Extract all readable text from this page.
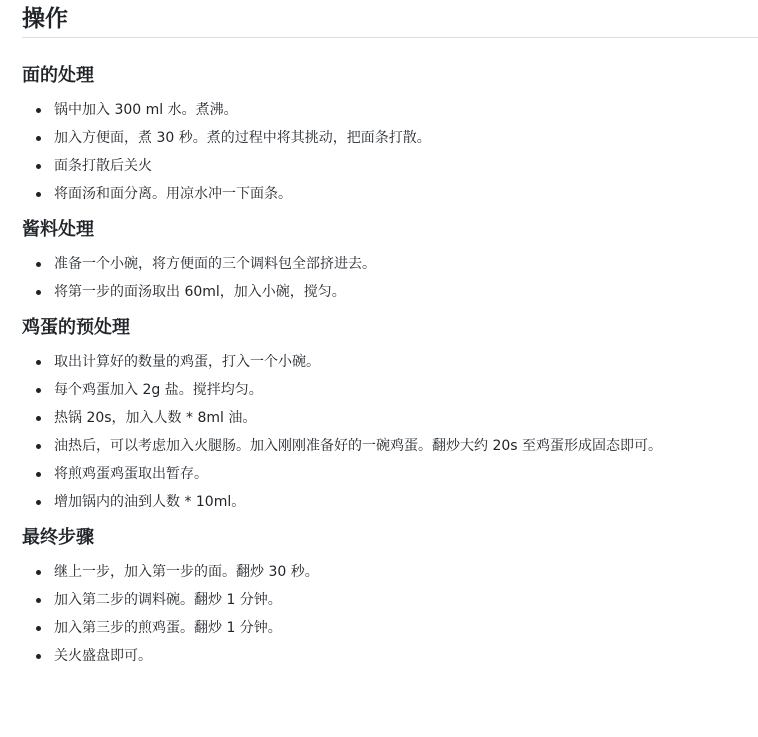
操作
面的处理
锅中加入 300 ml 水。煮沸。
加入方便面，煮 30 秒。煮的过程中将其挑动，把面条打散。
面条打散后关火
将面汤和面分离。用凉水冲一下面条。
酱料处理
准备一个小碗，将方便面的三个调料包全部挤进去。
将第一步的面汤取出 60ml，加入小碗，搅匀。
鸡蛋的预处理
取出计算好的数量的鸡蛋，打入一个小碗。
每个鸡蛋加入 2g 盐。搅拌均匀。
热锅 20s，加入人数 * 8ml 油。
油热后，可以考虑加入火腿肠。加入刚刚准备好的一碗鸡蛋。翻炒大约 20s 至鸡蛋形成固态即可。
将煎鸡蛋鸡蛋取出暂存。
增加锅内的油到人数 * 10ml。
最终步骤
继上一步，加入第一步的面。翻炒 30 秒。
加入第二步的调料碗。翻炒 1 分钟。
加入第三步的煎鸡蛋。翻炒 1 分钟。
关火盛盘即可。
